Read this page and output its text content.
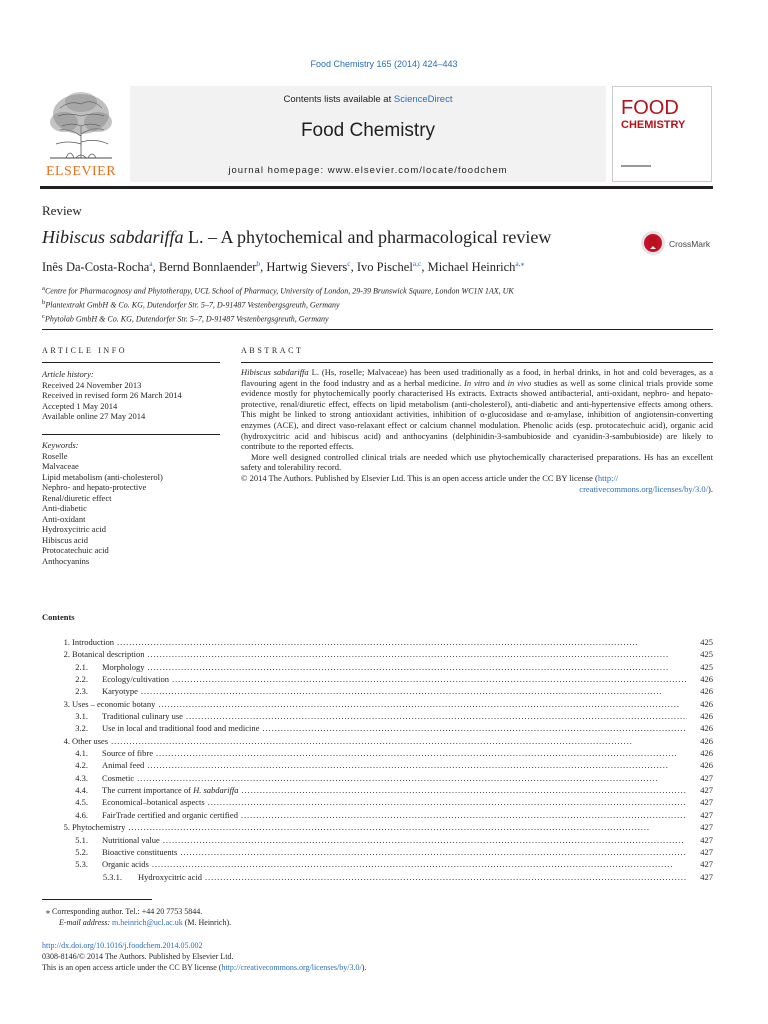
Food Chemistry 165 (2014) 424–443
Contents lists available at ScienceDirect
Food Chemistry
journal homepage: www.elsevier.com/locate/foodchem
ELSEVIER
FOOD
CHEMISTRY
Review
Hibiscus sabdariffa L. – A phytochemical and pharmacological review	CrossMark
Inês Da-Costa-Rocha$^a$, Bernd Bonnlaender$^b$, Hartwig Sievers$^c$, Ivo Pischel$^{a,c}$, Michael Heinrich$^{a,⁎}$
$^a$Centre for Pharmacognosy and Phytotherapy, UCL School of Pharmacy, University of London, 29-39 Brunswick Square, London WC1N 1AX, UK
$^b$Plantextrakt GmbH & Co. KG, Dutendorfer Str. 5–7, D-91487 Vestenbergsgreuth, Germany
$^c$Phytolab GmbH & Co. KG, Dutendorfer Str. 5–7, D-91487 Vestenbergsgreuth, Germany
ARTICLE INFO
Article history:
Received 24 November 2013
Received in revised form 26 March 2014
Accepted 1 May 2014
Available online 27 May 2014
Keywords:
Roselle
Malvaceae
Lipid metabolism (anti-cholesterol)
Nephro- and hepato-protective
Renal/diuretic effect
Anti-diabetic
Anti-oxidant
Hydroxycitric acid
Hibiscus acid
Protocatechuic acid
Anthocyanins
ABSTRACT

Hibiscus sabdariffa L. (Hs, roselle; Malvaceae) has been used traditionally as a food, in herbal drinks, in hot and cold beverages, as a flavouring agent in the food industry and as a herbal medicine. In vitro and in vivo studies as well as some clinical trials provide some evidence mostly for phytochemically poorly characterised Hs extracts. Extracts showed antibacterial, anti-oxidant, nephro- and hepato-protective, renal/diuretic effect, effects on lipid metabolism (anti-cholesterol), anti-diabetic and anti-hypertensive effects among others. This might be linked to strong antioxidant activities, inhibition of α-glucosidase and α-amylase, inhibition of angiotensin-converting enzymes (ACE), and direct vaso-relaxant effect or calcium channel modulation. Phenolic acids (esp. protocatechuic acid), organic acid (hydroxycitric acid and hibiscus acid) and anthocyanins (delphinidin-3-sambubioside and cyanidin-3-sambubioside) are likely to contribute to the reported effects.

More well designed controlled clinical trials are needed which use phytochemically characterised preparations. Hs has an excellent safety and tolerability record.

© 2014 The Authors. Published by Elsevier Ltd. This is an open access article under the CC BY license (http://

creativecommons.org/licenses/by/3.0/).

Contents
1. Introduction . . .	425
2. Botanical description . . .	425
2.1. Morphology . . .	425
2.2. Ecology/cultivation . . .	426
2.3. Karyotype . . .	426
3. Uses – economic botany . . .	426
3.1. Traditional culinary use . . .	426
3.2. Use in local and traditional food and medicine . . .	426
4. Other uses . . .	426
4.1. Source of fibre . . .	426
4.2. Animal feed . . .	426
4.3. Cosmetic . . .	427
4.4. The current importance of H. sabdariffa . . .	427
4.5. Economical–botanical aspects . . .	427
4.6. FairTrade certified and organic certified . . .	427
5. Phytochemistry . . .	427
5.1. Nutritional value . . .	427
5.2. Bioactive constituents . . .	427
5.3. Organic acids . . .	427
5.3.1. Hydroxycitric acid . . .	427
⁎ Corresponding author. Tel.: +44 20 7753 5844.
E-mail address: m.heinrich@ucl.ac.uk (M. Heinrich).
http://dx.doi.org/10.1016/j.foodchem.2014.05.002
0308-8146/© 2014 The Authors. Published by Elsevier Ltd.
This is an open access article under the CC BY license (http://creativecommons.org/licenses/by/3.0/).
